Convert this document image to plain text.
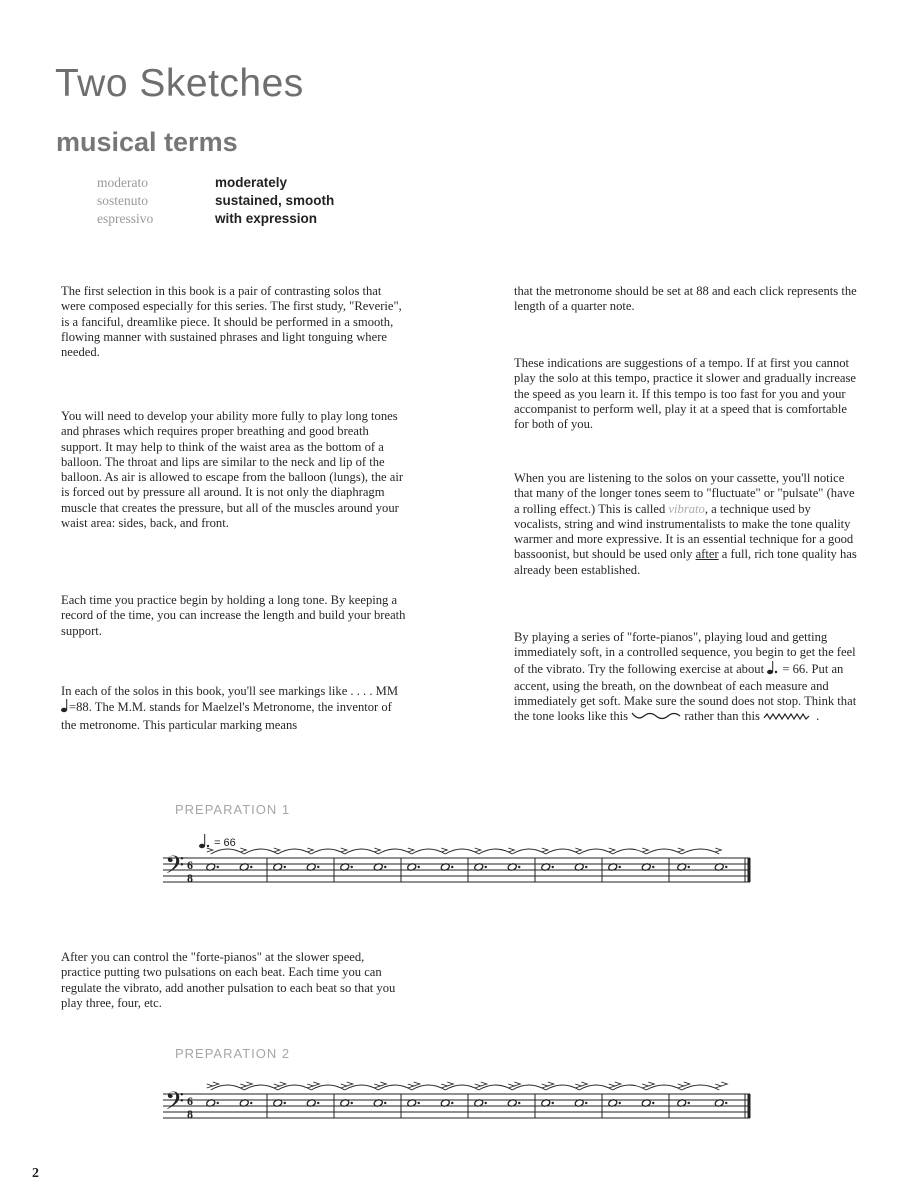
Two Sketches
musical terms
moderato	moderately
sostenuto	sustained, smooth
espressivo	with expression

The first selection in this book is a pair of contrasting solos that were composed especially for this series. The first study, "Reverie", is a fanciful, dreamlike piece. It should be performed in a smooth, flowing manner with sustained phrases and light tonguing where needed.

You will need to develop your ability more fully to play long tones and phrases which requires proper breathing and good breath support. It may help to think of the waist area as the bottom of a balloon. The throat and lips are similar to the neck and lip of the balloon. As air is allowed to escape from the balloon (lungs), the air is forced out by pressure all around. It is not only the diaphragm muscle that creates the pressure, but all of the muscles around your waist area: sides, back, and front.

Each time you practice begin by holding a long tone. By keeping a record of the time, you can increase the length and build your breath support.

In each of the solos in this book, you'll see markings like . . . . MM =88. The M.M. stands for Maelzel's Metronome, the inventor of the metronome. This particular marking means

that the metronome should be set at 88 and each click represents the length of a quarter note.

These indications are suggestions of a tempo. If at first you cannot play the solo at this tempo, practice it slower and gradually increase the speed as you learn it. If this tempo is too fast for you and your accompanist to perform well, play it at a speed that is comfortable for both of you.

When you are listening to the solos on your cassette, you'll notice that many of the longer tones seem to "fluctuate" or "pulsate" (have a rolling effect.) This is called vibrato, a technique used by vocalists, string and wind instrumentalists to make the tone quality warmer and more expressive. It is an essential technique for a good bassoonist, but should be used only after a full, rich tone quality has already been established.

By playing a series of "forte-pianos", playing loud and getting immediately soft, in a controlled sequence, you begin to get the feel of the vibrato. Try the following exercise at about  = 66. Put an accent, using the breath, on the downbeat of each measure and immediately get soft. Make sure the sound does not stop. Think that the tone looks like this	rather than this	.

PREPARATION 1
= 66
𝄢 6
8

After you can control the "forte-pianos" at the slower speed, practice putting two pulsations on each beat. Each time you can regulate the vibrato, add another pulsation to each beat so that you play three, four, etc.

PREPARATION 2
𝄢 6
8
2
